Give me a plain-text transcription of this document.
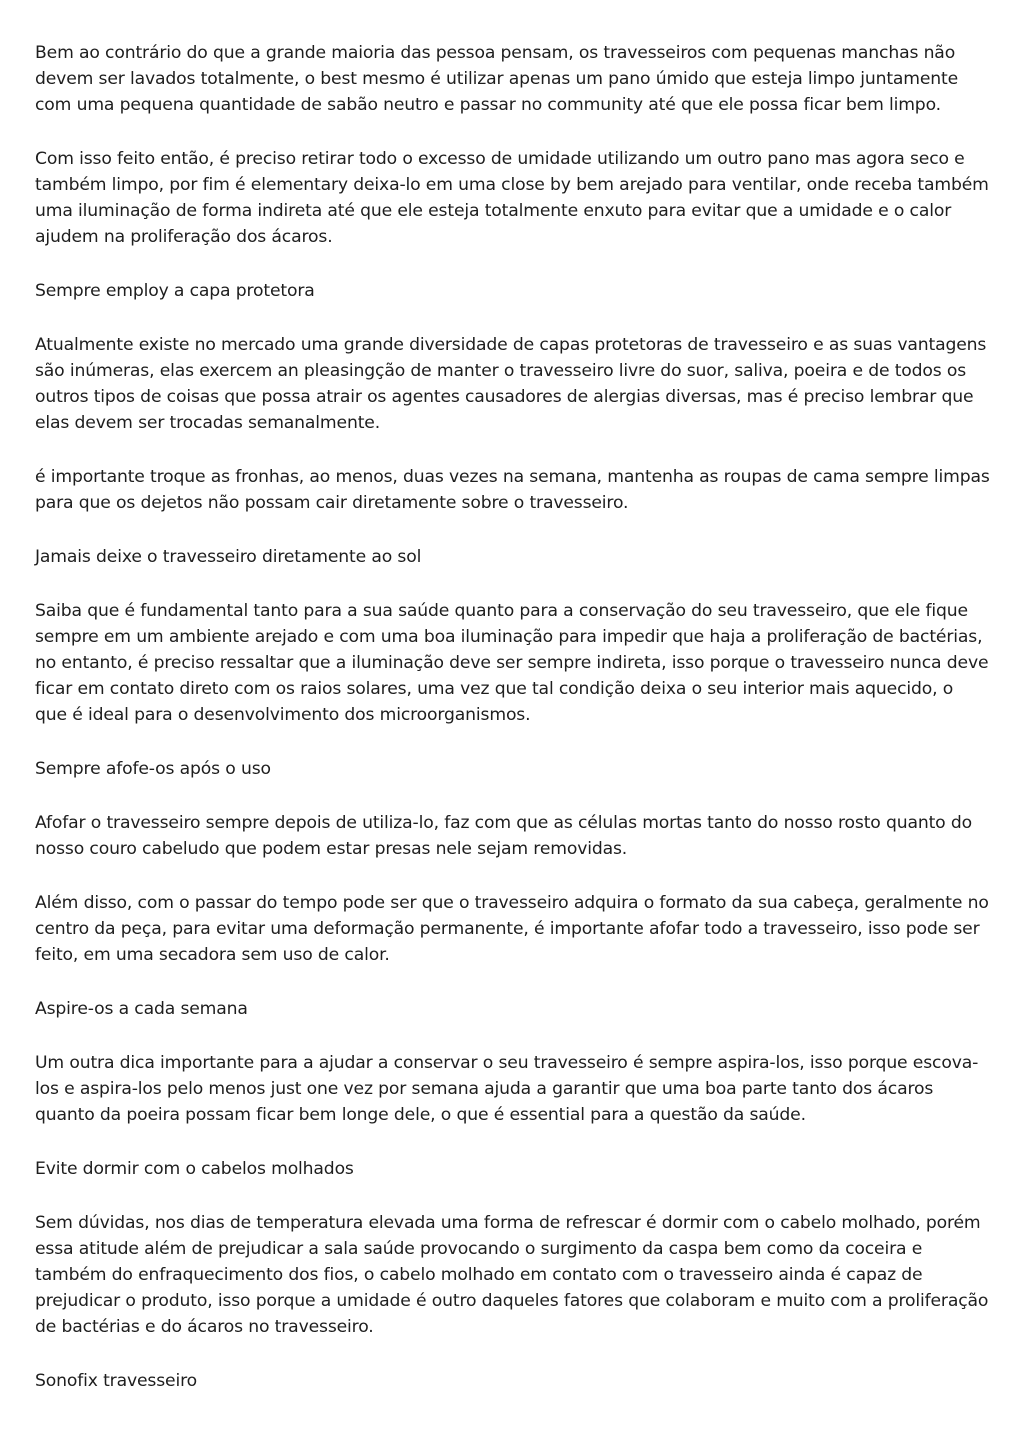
Bem ao contrário do que a grande maioria das pessoa pensam, os travesseiros com pequenas manchas não devem ser lavados totalmente, o best mesmo é utilizar apenas um pano úmido que esteja limpo juntamente com uma pequena quantidade de sabão neutro e passar no community até que ele possa ficar bem limpo.

Com isso feito então, é preciso retirar todo o excesso de umidade utilizando um outro pano mas agora seco e também limpo, por fim é elementary deixa-lo em uma close by bem arejado para ventilar, onde receba também uma iluminação de forma indireta até que ele esteja totalmente enxuto para evitar que a umidade e o calor ajudem na proliferação dos ácaros.

Sempre employ a capa protetora

Atualmente existe no mercado uma grande diversidade de capas protetoras de travesseiro e as suas vantagens são inúmeras, elas exercem an pleasingção de manter o travesseiro livre do suor, saliva, poeira e de todos os outros tipos de coisas que possa atrair os agentes causadores de alergias diversas, mas é preciso lembrar que elas devem ser trocadas semanalmente.

é importante troque as fronhas, ao menos, duas vezes na semana, mantenha as roupas de cama sempre limpas para que os dejetos não possam cair diretamente sobre o travesseiro.

Jamais deixe o travesseiro diretamente ao sol

Saiba que é fundamental tanto para a sua saúde quanto para a conservação do seu travesseiro, que ele fique sempre em um ambiente arejado e com uma boa iluminação para impedir que haja a proliferação de bactérias, no entanto, é preciso ressaltar que a iluminação deve ser sempre indireta, isso porque o travesseiro nunca deve ficar em contato direto com os raios solares, uma vez que tal condição deixa o seu interior mais aquecido, o que é ideal para o desenvolvimento dos microorganismos.

Sempre afofe-os após o uso

Afofar o travesseiro sempre depois de utiliza-lo, faz com que as células mortas tanto do nosso rosto quanto do nosso couro cabeludo que podem estar presas nele sejam removidas.

Além disso, com o passar do tempo pode ser que o travesseiro adquira o formato da sua cabeça, geralmente no centro da peça, para evitar uma deformação permanente, é importante afofar todo a travesseiro, isso pode ser feito, em uma secadora sem uso de calor.

Aspire-os a cada semana

Um outra dica importante para a ajudar a conservar o seu travesseiro é sempre aspira-los, isso porque escova-los e aspira-los pelo menos just one vez por semana ajuda a garantir que uma boa parte tanto dos ácaros quanto da poeira possam ficar bem longe dele, o que é essential para a questão da saúde.

Evite dormir com o cabelos molhados

Sem dúvidas, nos dias de temperatura elevada uma forma de refrescar é dormir com o cabelo molhado, porém essa atitude além de prejudicar a sala saúde provocando o surgimento da caspa bem como da coceira e também do enfraquecimento dos fios, o cabelo molhado em contato com o travesseiro ainda é capaz de prejudicar o produto, isso porque a umidade é outro daqueles fatores que colaboram e muito com a proliferação de bactérias e do ácaros no travesseiro.

Sonofix travesseiro
